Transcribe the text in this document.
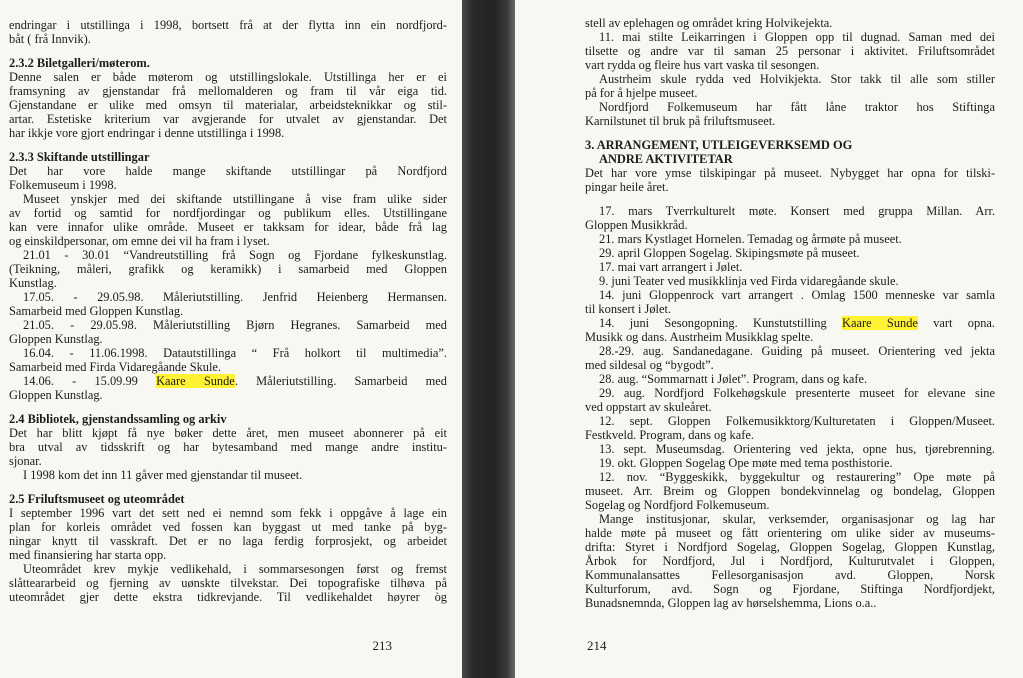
endringar i utstillinga i 1998, bortsett frå at der flytta inn ein nordfjord-
båt ( frå Innvik).
2.3.2 Biletgalleri/møterom.
Denne salen er både møterom og utstillingslokale. Utstillinga her er ei
framsyning av gjenstandar frå mellomalderen og fram til vår eiga tid.
Gjenstandane er ulike med omsyn til materialar, arbeidsteknikkar og stil-
artar. Estetiske kriterium var avgjerande for utvalet av gjenstandar. Det
har ikkje vore gjort endringar i denne utstillinga i 1998.
2.3.3 Skiftande utstillingar
Det har vore halde mange skiftande utstillingar på Nordfjord
Folkemuseum i 1998.
Museet ynskjer med dei skiftande utstillingane å vise fram ulike sider
av fortid og samtid for nordfjordingar og publikum elles. Utstillingane
kan vere innafor ulike område. Museet er takksam for idear, både frå lag
og einskildpersonar, om emne dei vil ha fram i lyset.
21.01 - 30.01 “Vandreutstilling frå Sogn og Fjordane fylkeskunstlag.
(Teikning, måleri, grafikk og keramikk) i samarbeid med Gloppen
Kunstlag.
17.05. - 29.05.98. Måleriutstilling. Jenfrid Heienberg Hermansen.
Samarbeid med Gloppen Kunstlag.
21.05. - 29.05.98. Måleriutstilling Bjørn Hegranes. Samarbeid med
Gloppen Kunstlag.
16.04. - 11.06.1998. Datautstillinga “ Frå holkort til multimedia”.
Samarbeid med Firda Vidaregåande Skule.
14.06. - 15.09.99 Kaare Sunde. Måleriutstilling. Samarbeid med
Gloppen Kunstlag.
2.4 Bibliotek, gjenstandssamling og arkiv
Det har blitt kjøpt få nye bøker dette året, men museet abonnerer på eit
bra utval av tidsskrift og har bytesamband med mange andre institu-
sjonar.
I 1998 kom det inn 11 gåver med gjenstandar til museet.
2.5 Friluftsmuseet og uteområdet
I september 1996 vart det sett ned ei nemnd som fekk i oppgåve å lage ein
plan for korleis området ved fossen kan byggast ut med tanke på byg-
ningar knytt til vasskraft. Det er no laga ferdig forprosjekt, og arbeidet
med finansiering har starta opp.
Uteområdet krev mykje vedlikehald, i sommarsesongen først og fremst
slåtteararbeid og fjerning av uønskte tilvekstar. Dei topografiske tilhøva på
uteområdet gjer dette ekstra tidkrevjande. Til vedlikehaldet høyrer òg
213
stell av eplehagen og området kring Holvikejekta.
11. mai stilte Leikarringen i Gloppen opp til dugnad. Saman med dei
tilsette og andre var til saman 25 personar i aktivitet. Friluftsområdet
vart rydda og fleire hus vart vaska til sesongen.
Austrheim skule rydda ved Holvikjekta. Stor takk til alle som stiller
på for å hjelpe museet.
Nordfjord Folkemuseum har fått låne traktor hos Stiftinga
Karnilstunet til bruk på friluftsmuseet.
3. ARRANGEMENT, UTLEIGEVERKSEMD OG
ANDRE AKTIVITETAR
Det har vore ymse tilskipingar på museet. Nybygget har opna for tilski-
pingar heile året.
17. mars Tverrkulturelt møte. Konsert med gruppa Millan. Arr.
Gloppen Musikkråd.
21. mars Kystlaget Hornelen. Temadag og årmøte på museet.
29. april Gloppen Sogelag. Skipingsmøte på museet.
17. mai vart arrangert i Jølet.
9. juni Teater ved musikklinja ved Firda vidaregåande skule.
14. juni Gloppenrock vart arrangert . Omlag 1500 menneske var samla
til konsert i Jølet.
14. juni Sesongopning. Kunstutstilling Kaare Sunde vart opna.
Musikk og dans. Austrheim Musikklag spelte.
28.-29. aug. Sandanedagane. Guiding på museet. Orientering ved jekta
med sildesal og “bygodt”.
28. aug. “Sommarnatt i Jølet”. Program, dans og kafe.
29. aug. Nordfjord Folkehøgskule presenterte museet for elevane sine
ved oppstart av skuleåret.
12. sept. Gloppen Folkemusikktorg/Kulturetaten i Gloppen/Museet.
Festkveld. Program, dans og kafe.
13. sept. Museumsdag. Orientering ved jekta, opne hus, tjørebrenning.
19. okt. Gloppen Sogelag Ope møte med tema posthistorie.
12. nov. “Byggeskikk, byggekultur og restaurering” Ope møte på
museet. Arr. Breim og Gloppen bondekvinnelag og bondelag, Gloppen
Sogelag og Nordfjord Folkemuseum.
Mange institusjonar, skular, verksemder, organisasjonar og lag har
halde møte på museet og fått orientering om ulike sider av museums-
drifta: Styret i Nordfjord Sogelag, Gloppen Sogelag, Gloppen Kunstlag,
Årbok for Nordfjord, Jul i Nordfjord, Kulturutvalet i Gloppen,
Kommunalansattes Fellesorganisasjon avd. Gloppen, Norsk
Kulturforum, avd. Sogn og Fjordane, Stiftinga Nordfjordjekt,
Bunadsnemnda, Gloppen lag av hørselshemma, Lions o.a..
214
